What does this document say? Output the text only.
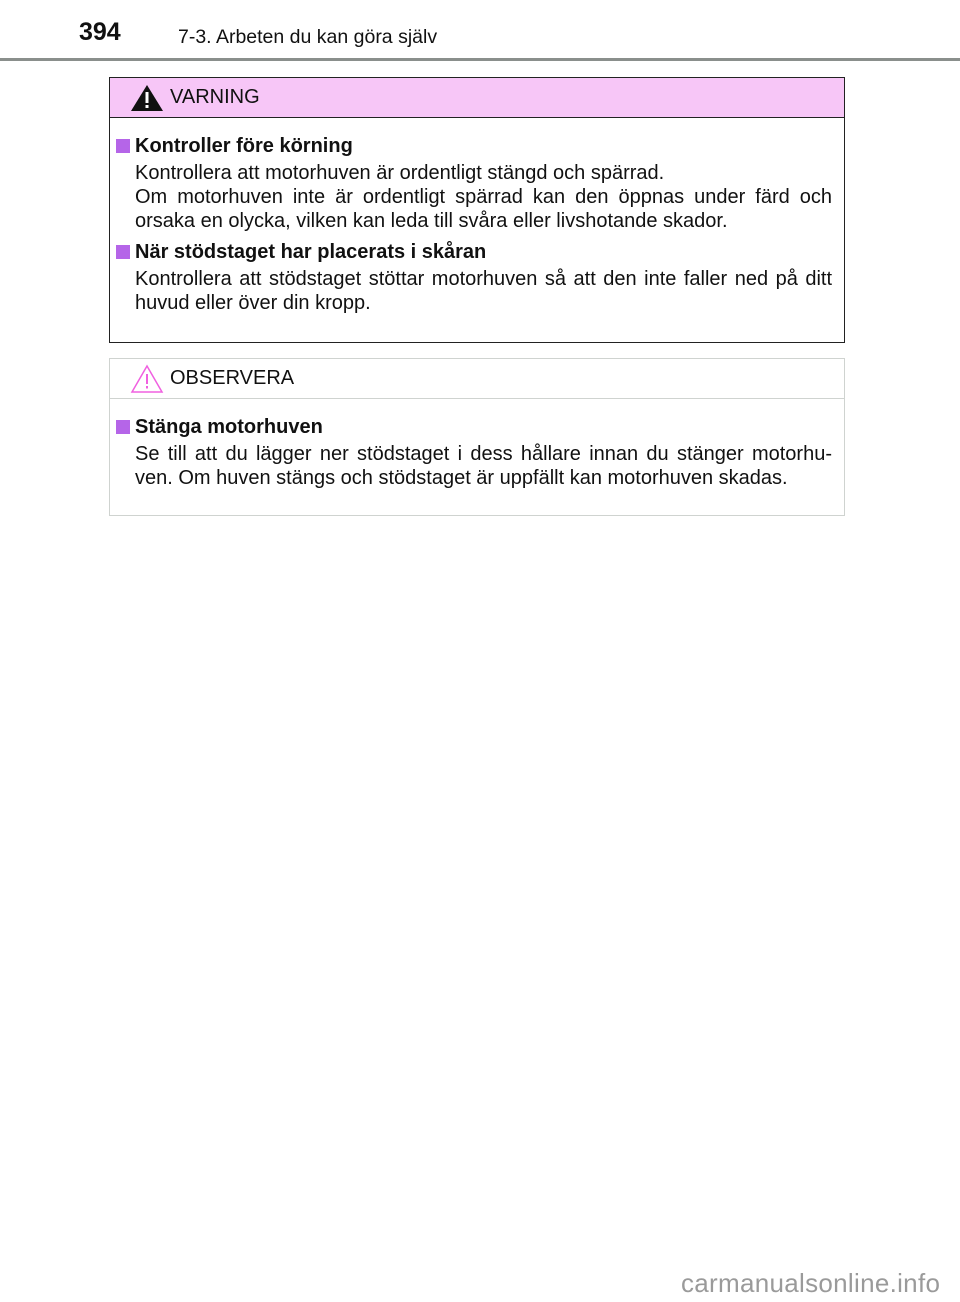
394	7-3. Arbeten du kan göra själv
VARNING
Kontroller före körning
Kontrollera att motorhuven är ordentligt stängd och spärrad.
Om motorhuven inte är ordentligt spärrad kan den öppnas under färd och
orsaka en olycka, vilken kan leda till svåra eller livshotande skador.
När stödstaget har placerats i skåran
Kontrollera att stödstaget stöttar motorhuven så att den inte faller ned på ditt
huvud eller över din kropp.
OBSERVERA
Stänga motorhuven
Se till att du lägger ner stödstaget i dess hållare innan du stänger motorhu-
ven. Om huven stängs och stödstaget är uppfällt kan motorhuven skadas.
carmanualsonline.info
